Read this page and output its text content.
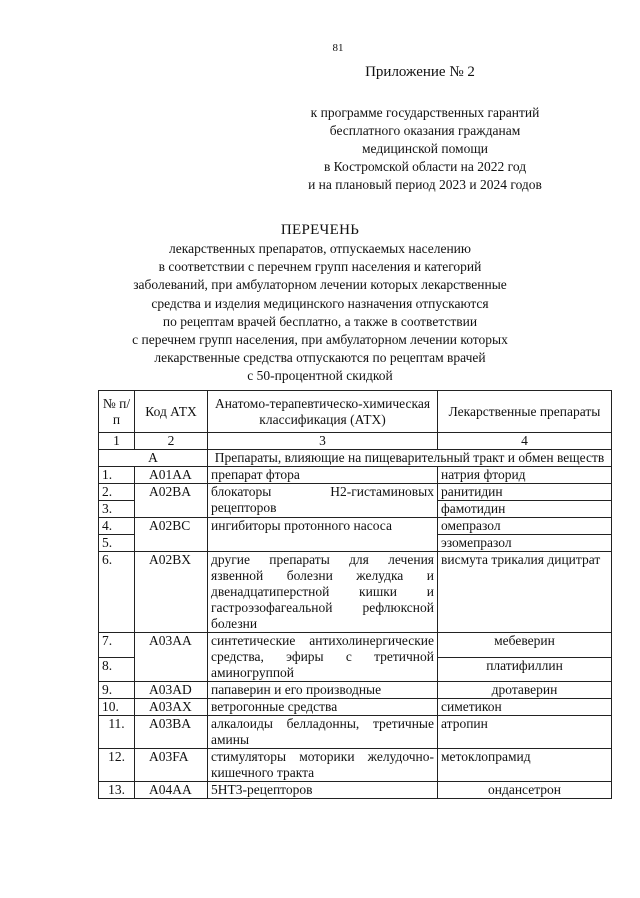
81
Приложение № 2
к программе государственных гарантий
бесплатного оказания гражданам
медицинской помощи
в Костромской области на 2022 год
и на плановый период 2023 и 2024 годов
ПЕРЕЧЕНЬ
лекарственных препаратов, отпускаемых населению
в соответствии с перечнем групп населения и категорий
заболеваний, при амбулаторном лечении которых лекарственные
средства и изделия медицинского назначения отпускаются
по рецептам врачей бесплатно, а также в соответствии
с перечнем групп населения, при амбулаторном лечении которых
лекарственные средства отпускаются по рецептам врачей
с 50-процентной скидкой
№ п/п	Код АТХ	Анатомо-терапевтическо-химическая классификация (АТХ)	Лекарственные препараты
1	2	3	4
А		Препараты, влияющие на пищеварительный тракт и обмен веществ	
1.	A01AA	препарат фтора	натрия фторид
2.	A02BA	блокаторы Н2-гистаминовых рецепторов	ранитидин
3.			фамотидин
4.	A02BC	ингибиторы протонного насоса	омепразол
5.			эзомепразол
6.	A02BX	другие препараты для лечения язвенной болезни желудка и двенадцатиперстной кишки и гастроэзофагеальной рефлюксной болезни	висмута трикалия дицитрат
7.	A03AA	синтетические антихолинергические средства, эфиры с третичной аминогруппой	мебеверин
8.			платифиллин
9.	A03AD	папаверин и его производные	дротаверин
10.	A03AX	ветрогонные средства	симетикон
11.	A03BA	алкалоиды белладонны, третичные амины	атропин
12.	A03FA	стимуляторы моторики желудочно-кишечного тракта	метоклопрамид
13.	A04AA	5НТ3-рецепторов	ондансетрон
